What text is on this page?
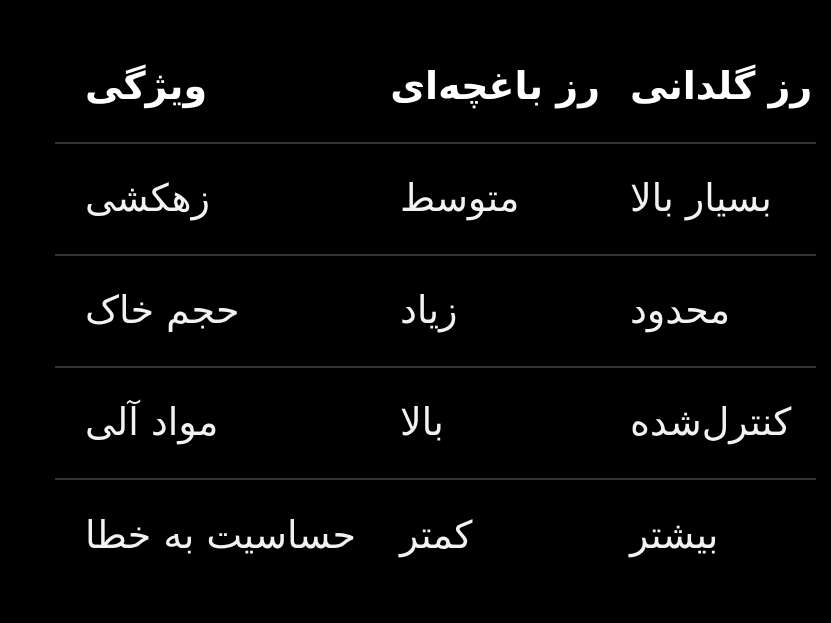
ویژگی	رز باغچه‌ای	رز گلدانی
زهکشی	متوسط	بسیار بالا
حجم خاک	زیاد	محدود
مواد آلی	بالا	کنترل‌شده
حساسیت به خطا	کمتر	بیشتر
